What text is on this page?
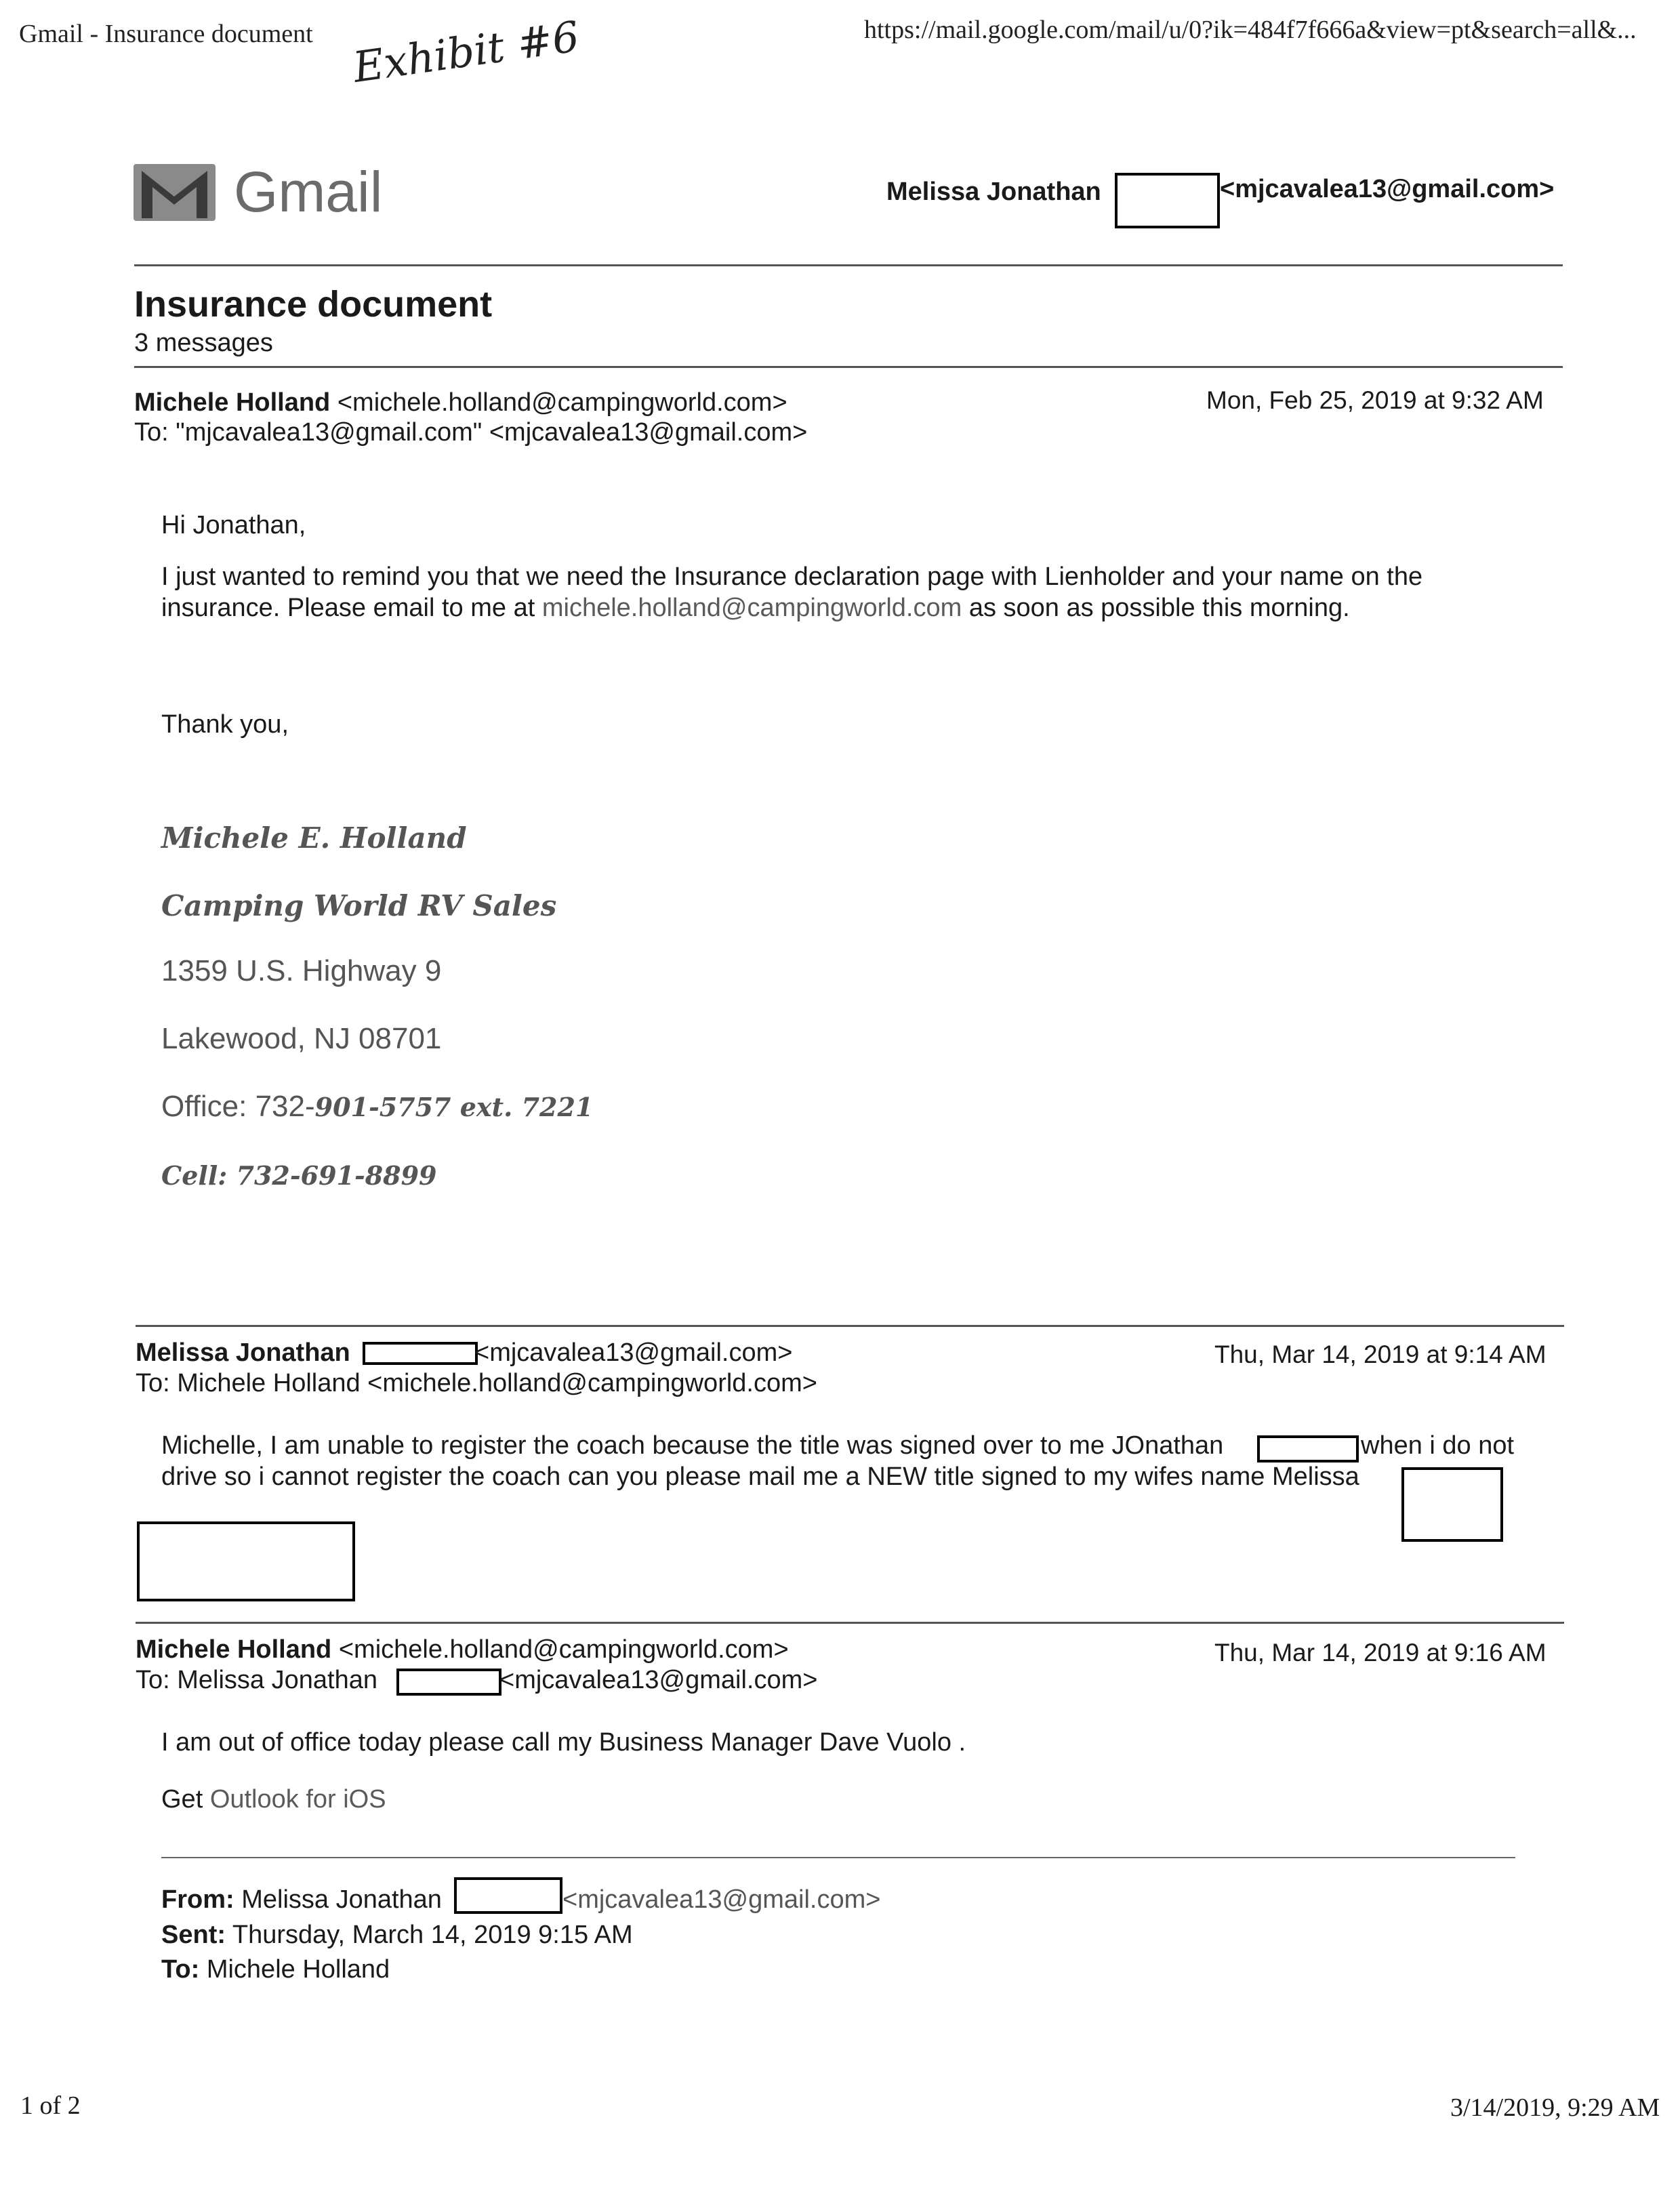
Gmail - Insurance document Exhibit #6	https://mail.google.com/mail/u/0?ik=484f7f666a&view=pt&search=all&...
Gmail	Melissa Jonathan	<mjcavalea13@gmail.com>
Insurance document
3 messages
Michele Holland <michele.holland@campingworld.com>
To: "mjcavalea13@gmail.com" <mjcavalea13@gmail.com>
Mon, Feb 25, 2019 at 9:32 AM
Hi Jonathan,
I just wanted to remind you that we need the Insurance declaration page with Lienholder and your name on the
insurance. Please email to me at michele.holland@campingworld.com as soon as possible this morning.
Thank you,
Michele E. Holland
Camping World RV Sales
1359 U.S. Highway 9
Lakewood, NJ 08701
Office: 732-901-5757 ext. 7221
Cell: 732-691-8899
Melissa Jonathan	<mjcavalea13@gmail.com>
To: Michele Holland <michele.holland@campingworld.com>
Thu, Mar 14, 2019 at 9:14 AM
Michelle, I am unable to register the coach because the title was signed over to me JOnathan	when i do not
drive so i cannot register the coach can you please mail me a NEW title signed to my wifes name Melissa
Michele Holland <michele.holland@campingworld.com>
To: Melissa Jonathan	<mjcavalea13@gmail.com>
Thu, Mar 14, 2019 at 9:16 AM
I am out of office today please call my Business Manager Dave Vuolo .
Get Outlook for iOS
From: Melissa Jonathan	<mjcavalea13@gmail.com>
Sent: Thursday, March 14, 2019 9:15 AM
To: Michele Holland
1 of 2	3/14/2019, 9:29 AM
